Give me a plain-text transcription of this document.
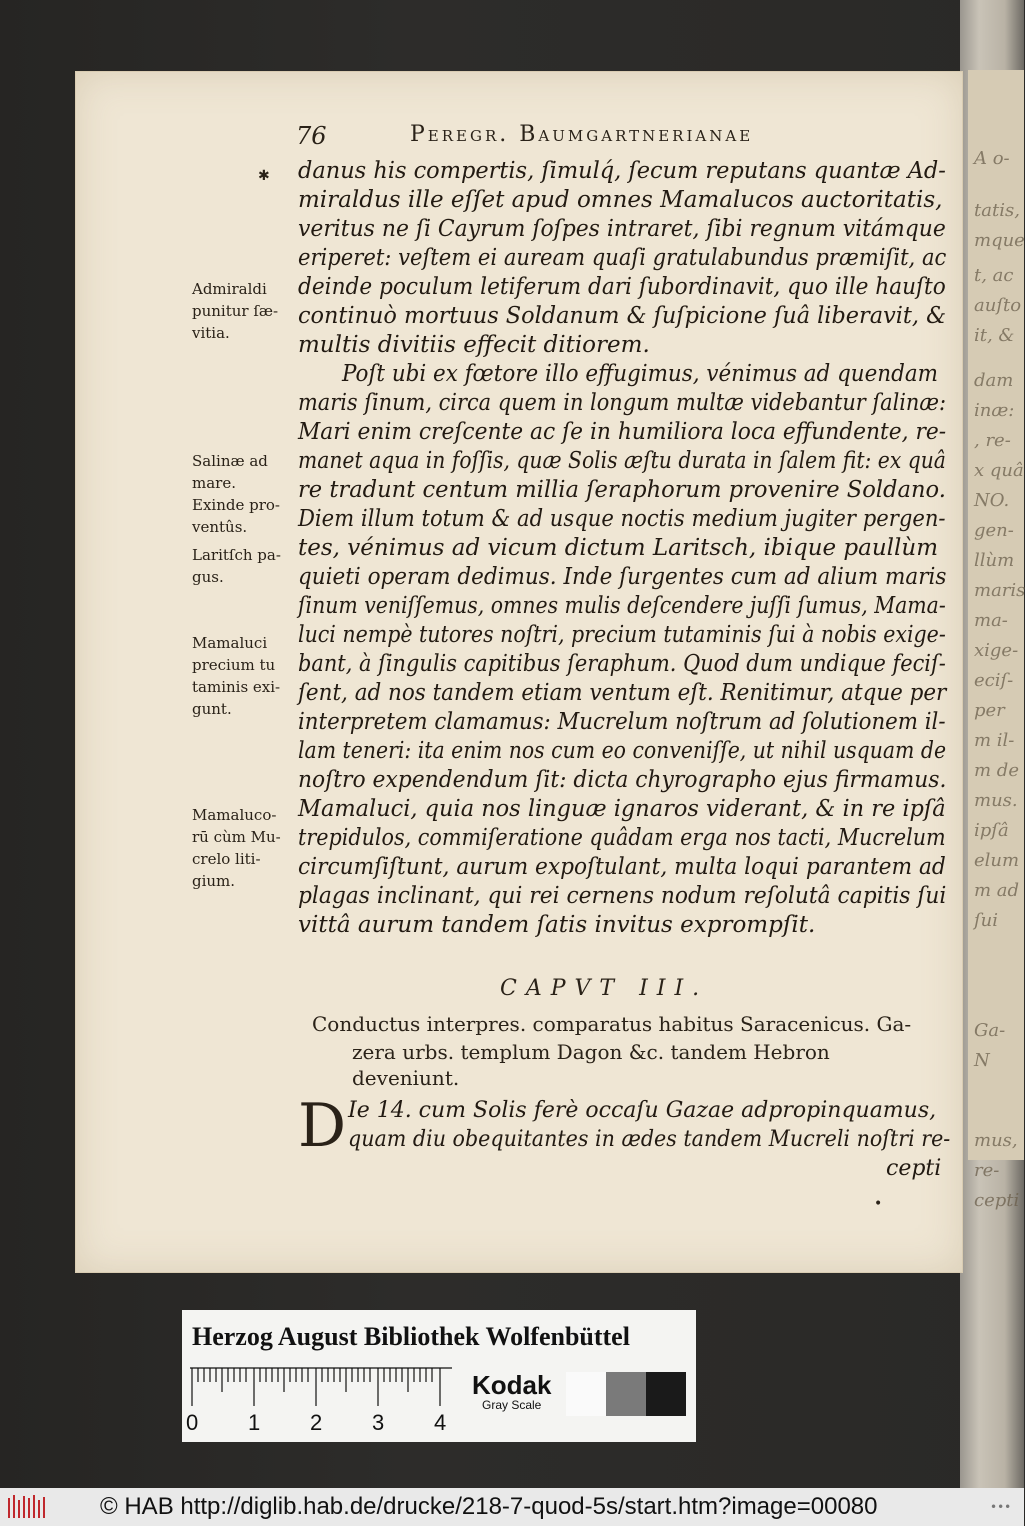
A o-
tatis,
mque
t, ac
auſto
it, &
dam
inæ:
, re-
x quâ
NO.
gen-
llùm
maris
ma-
xige-
eciſ-
per
m il-
m de
mus.
ipſâ
elum
m ad
ſui
Ga-
N
mus,
re-
cepti
76	Peregr. Baumgartnerianae
✱ danus his compertis, ſimulq́, ſecum reputans quantæ Ad-
miraldus ille eſſet apud omnes Mamalucos auctoritatis,
veritus ne ſi Cayrum ſoſpes intraret, ſibi regnum vitámque
eriperet: veſtem ei auream quaſi gratulabundus præmiſit, ac
deinde poculum letiferum dari ſubordinavit, quo ille hauſto
continuò mortuus Soldanum & ſuſpicione ſuâ liberavit, &
multis divitiis effecit ditiorem.
Poſt ubi ex fœtore illo effugimus, vénimus ad quendam
maris ſinum, circa quem in longum multæ videbantur ſalinæ:
Mari enim creſcente ac ſe in humiliora loca effundente, re-
manet aqua in foſſis, quæ Solis æſtu durata in ſalem fit: ex quâ
re tradunt centum millia ſeraphorum provenire Soldano.
Diem illum totum & ad usque noctis medium jugiter pergen-
tes, vénimus ad vicum dictum Laritsch, ibique paullùm
quieti operam dedimus. Inde ſurgentes cum ad alium maris
ſinum veniſſemus, omnes mulis deſcendere juſſi ſumus, Mama-
luci nempè tutores noſtri, precium tutaminis ſui à nobis exige-
bant, à ſingulis capitibus ſeraphum. Quod dum undique feciſ-
ſent, ad nos tandem etiam ventum eſt. Renitimur, atque per
interpretem clamamus: Mucrelum noſtrum ad ſolutionem il-
lam teneri: ita enim nos cum eo conveniſſe, ut nihil usquam de
noſtro expendendum ſit: dicta chyrographo ejus firmamus.
Mamaluci, quia nos linguæ ignaros viderant, & in re ipſâ
trepidulos, commiſeratione quâdam erga nos tacti, Mucrelum
circumſiſtunt, aurum expoſtulant, multa loqui parantem ad
plagas inclinant, qui rei cernens nodum reſolutâ capitis ſui
vittâ aurum tandem ſatis invitus exprompſit.
Admiraldi
punitur ſæ-
vitia.
Salinæ ad
mare.
Exinde pro-
ventûs.
Laritſch pa-
gus.
Mamaluci
precium tu
taminis exi-
gunt.
Mamaluco-
rū cùm Mu-
crelo liti-
gium.
CAPVT III.
Conductus interpres. comparatus habitus Saracenicus. Ga-
zera urbs. templum Dagon &c. tandem Hebron
deveniunt.
D Ie 14. cum Solis ferè occaſu Gazae adpropinquamus,
quam diu obequitantes in ædes tandem Mucreli noſtri re-
cepti
•
Herzog August Bibliothek Wolfenbüttel
0 1 2 3 4
Kodak
Gray Scale
© HAB http://diglib.hab.de/drucke/218-7-quod-5s/start.htm?image=00080	•••
